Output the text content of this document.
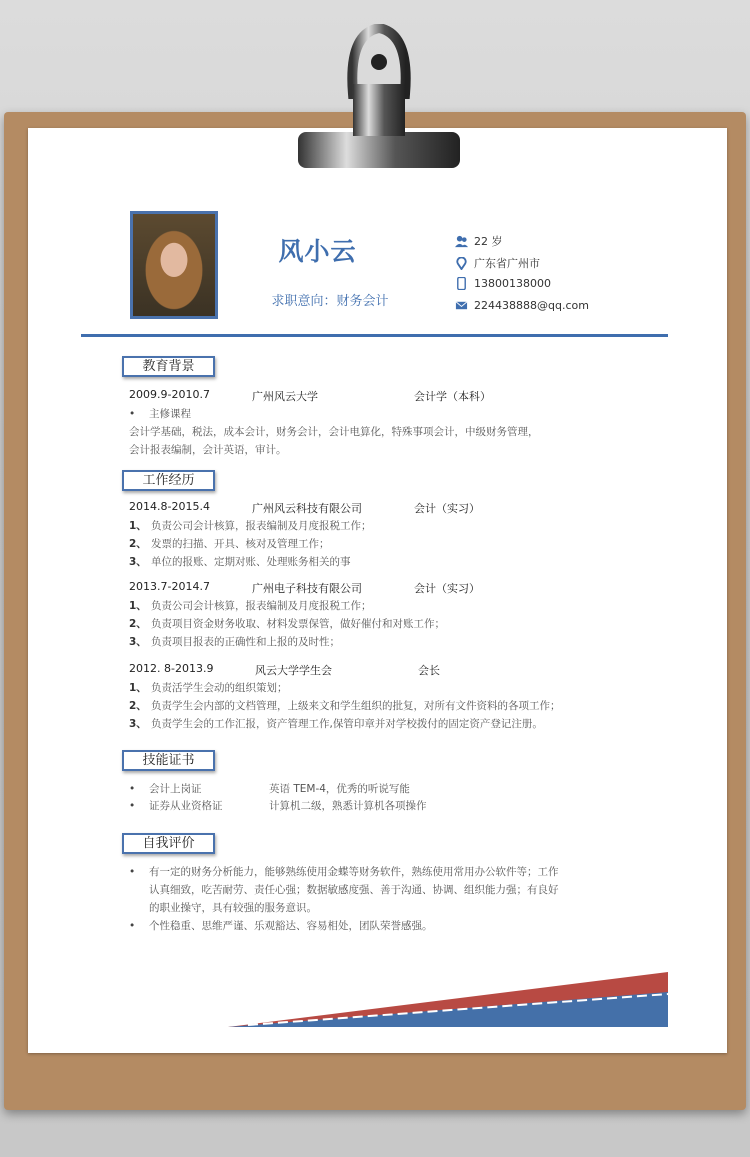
风小云
求职意向：财务会计
22 岁
广东省广州市
13800138000
224438888@qq.com
教育背景
2009.9-2010.7	广州风云大学	会计学（本科）
• 主修课程
会计学基础，税法，成本会计，财务会计，会计电算化，特殊事项会计，中级财务管理，
会计报表编制，会计英语，审计。
工作经历
2014.8-2015.4	广州风云科技有限公司	会计（实习）
1、 负责公司会计核算，报表编制及月度报税工作；
2、 发票的扫描、开具、核对及管理工作；
3、 单位的报账、定期对账、处理账务相关的事
2013.7-2014.7	广州电子科技有限公司	会计（实习）
1、 负责公司会计核算，报表编制及月度报税工作；
2、 负责项目资金财务收取、材料发票保管，做好催付和对账工作；
3、 负责项目报表的正确性和上报的及时性；
2012. 8-2013.9	风云大学学生会	会长
1、 负责活学生会动的组织策划；
2、 负责学生会内部的文档管理，上级来文和学生组织的批复，对所有文件资料的各项工作；
3、 负责学生会的工作汇报，资产管理工作,保管印章并对学校拨付的固定资产登记注册。
技能证书
• 会计上岗证	英语 TEM-4，优秀的听说写能
• 证券从业资格证	计算机二级，熟悉计算机各项操作
自我评价
• 有一定的财务分析能力，能够熟练使用金蝶等财务软件，熟练使用常用办公软件等；工作
认真细致，吃苦耐劳、责任心强；数据敏感度强、善于沟通、协调、组织能力强；有良好
的职业操守，具有较强的服务意识。
• 个性稳重、思维严谨、乐观豁达、容易相处，团队荣誉感强。
